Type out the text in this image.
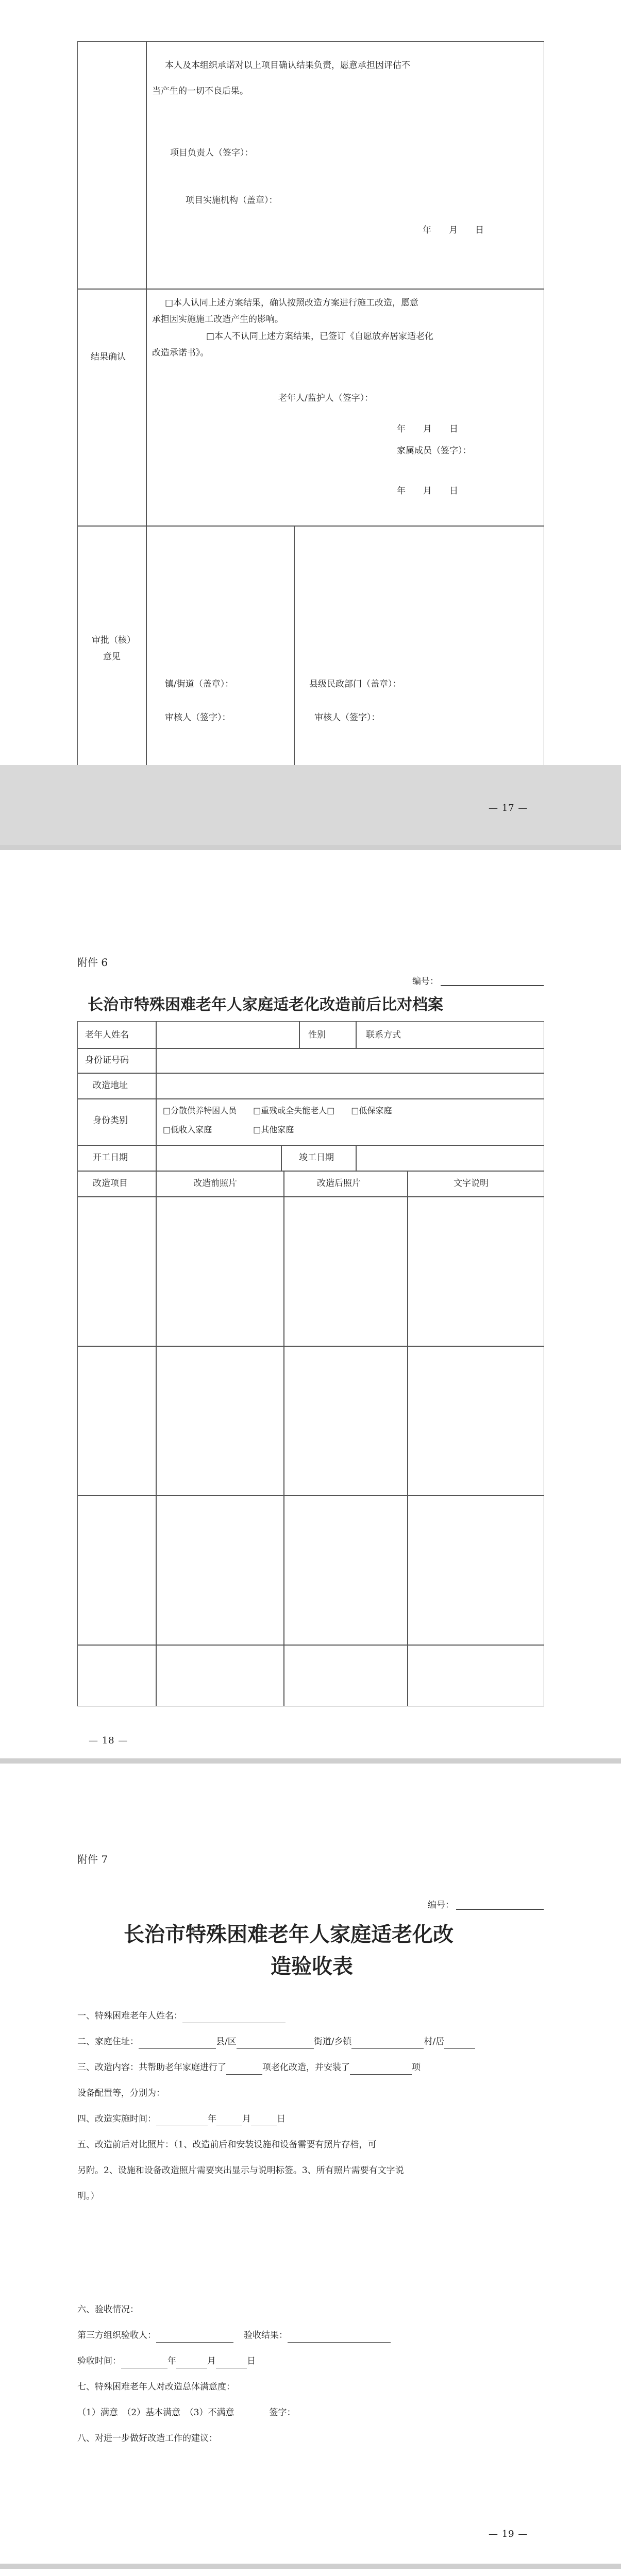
本人及本组织承诺对以上项目确认结果负责，愿意承担因评估不
当产生的一切不良后果。
项目负责人（签字）：
项目实施机构（盖章）：
年　　月　　日
结果确认
□本人认同上述方案结果，确认按照改造方案进行施工改造，愿意
承担因实施施工改造产生的影响。
□本人不认同上述方案结果，已签订《自愿放弃居家适老化
改造承诺书》。
老年人/监护人（签字）：
年　　月　　日
家属成员（签字）：
年　　月　　日
审批（核）
意见
镇/街道（盖章）：	县级民政部门（盖章）：
审核人（签字）：	审核人（签字）：
— 17 —
附件 6
编号：
长治市特殊困难老年人家庭适老化改造前后比对档案
老年人姓名	性别	联系方式
身份证号码
改造地址
身份类别
□分散供养特困人员　　□重残或全失能老人□　　□低保家庭
□低收入家庭　　　　　□其他家庭
开工日期	竣工日期
改造项目	改造前照片	改造后照片	文字说明
— 18 —
附件 7
编号：
长治市特殊困难老年人家庭适老化改
造验收表
一、特殊困难老年人姓名：
二、家庭住址：	县/区	街道/乡镇	村/居
三、改造内容：共帮助老年家庭进行了	项老化改造，并安装了	项
设备配置等，分别为：
四、改造实施时间：	年	月	日
五、改造前后对比照片：（1、改造前后和安装设施和设备需要有照片存档，可
另附。2、设施和设备改造照片需要突出显示与说明标签。3、所有照片需要有文字说
明。）
六、验收情况：
第三方组织验收人：	验收结果：
验收时间：	年	月	日
七、特殊困难老年人对改造总体满意度：
（1）满意　（2）基本满意　（3）不满意　　　　签字：
八、对进一步做好改造工作的建议：
— 19 —
